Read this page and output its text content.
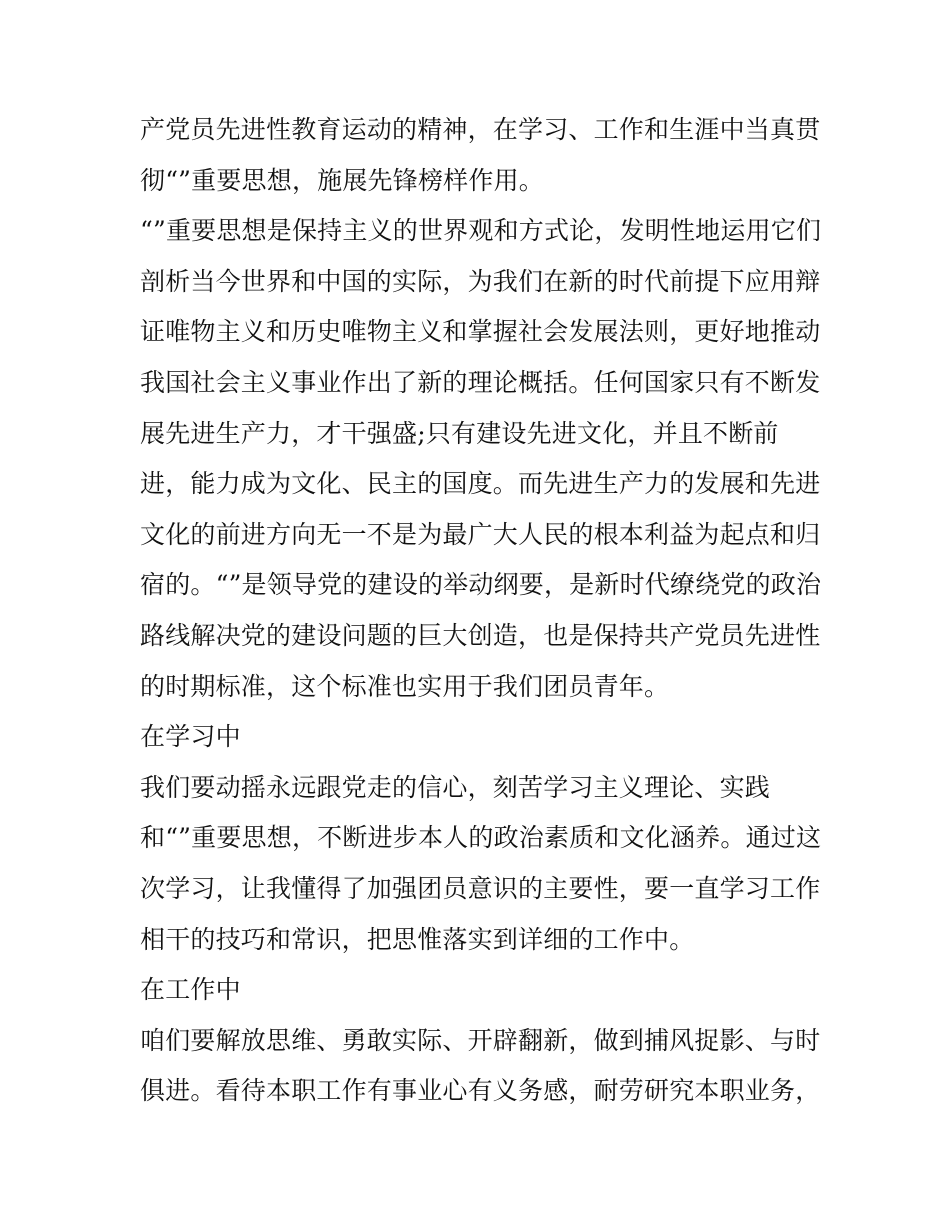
产党员先进性教育运动的精神，在学习、工作和生涯中当真贯
彻“”重要思想，施展先锋榜样作用。
“”重要思想是保持主义的世界观和方式论，发明性地运用它们
剖析当今世界和中国的实际，为我们在新的时代前提下应用辩
证唯物主义和历史唯物主义和掌握社会发展法则，更好地推动
我国社会主义事业作出了新的理论概括。任何国家只有不断发
展先进生产力，才干强盛;只有建设先进文化，并且不断前
进，能力成为文化、民主的国度。而先进生产力的发展和先进
文化的前进方向无一不是为最广大人民的根本利益为起点和归
宿的。“”是领导党的建设的举动纲要，是新时代缭绕党的政治
路线解决党的建设问题的巨大创造，也是保持共产党员先进性
的时期标准，这个标准也实用于我们团员青年。
在学习中
我们要动摇永远跟党走的信心，刻苦学习主义理论、实践
和“”重要思想，不断进步本人的政治素质和文化涵养。通过这
次学习，让我懂得了加强团员意识的主要性，要一直学习工作
相干的技巧和常识，把思惟落实到详细的工作中。
在工作中
咱们要解放思维、勇敢实际、开辟翻新，做到捕风捉影、与时
俱进。看待本职工作有事业心有义务感，耐劳研究本职业务，
